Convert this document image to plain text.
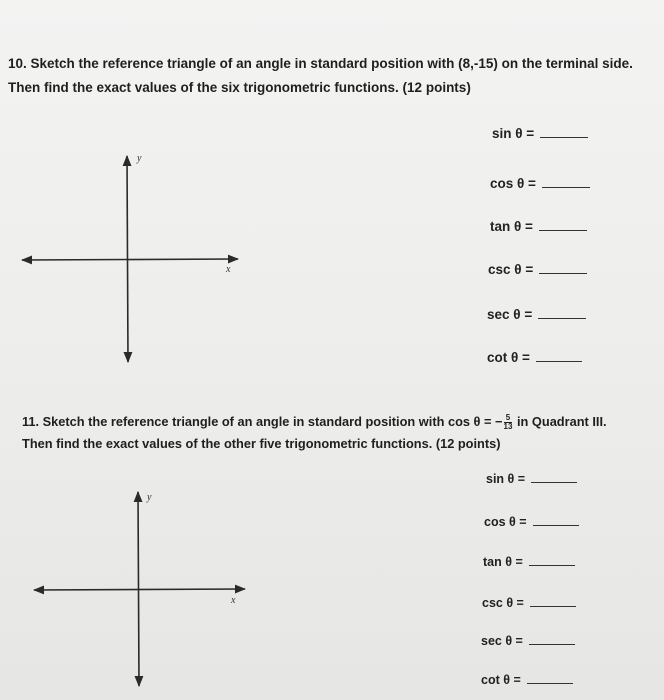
10. Sketch the reference triangle of an angle in standard position with (8,-15) on the terminal side.
Then find the exact values of the six trigonometric functions. (12 points)
y
x
y
x
sin θ =
cos θ =
tan θ =
csc θ =
sec θ =
cot θ =
11. Sketch the reference triangle of an angle in standard position with cos θ = − $\frac{5}{13}$ in Quadrant III.
Then find the exact values of the other five trigonometric functions. (12 points)
sin θ =
cos θ =
tan θ =
csc θ =
sec θ =
cot θ =
